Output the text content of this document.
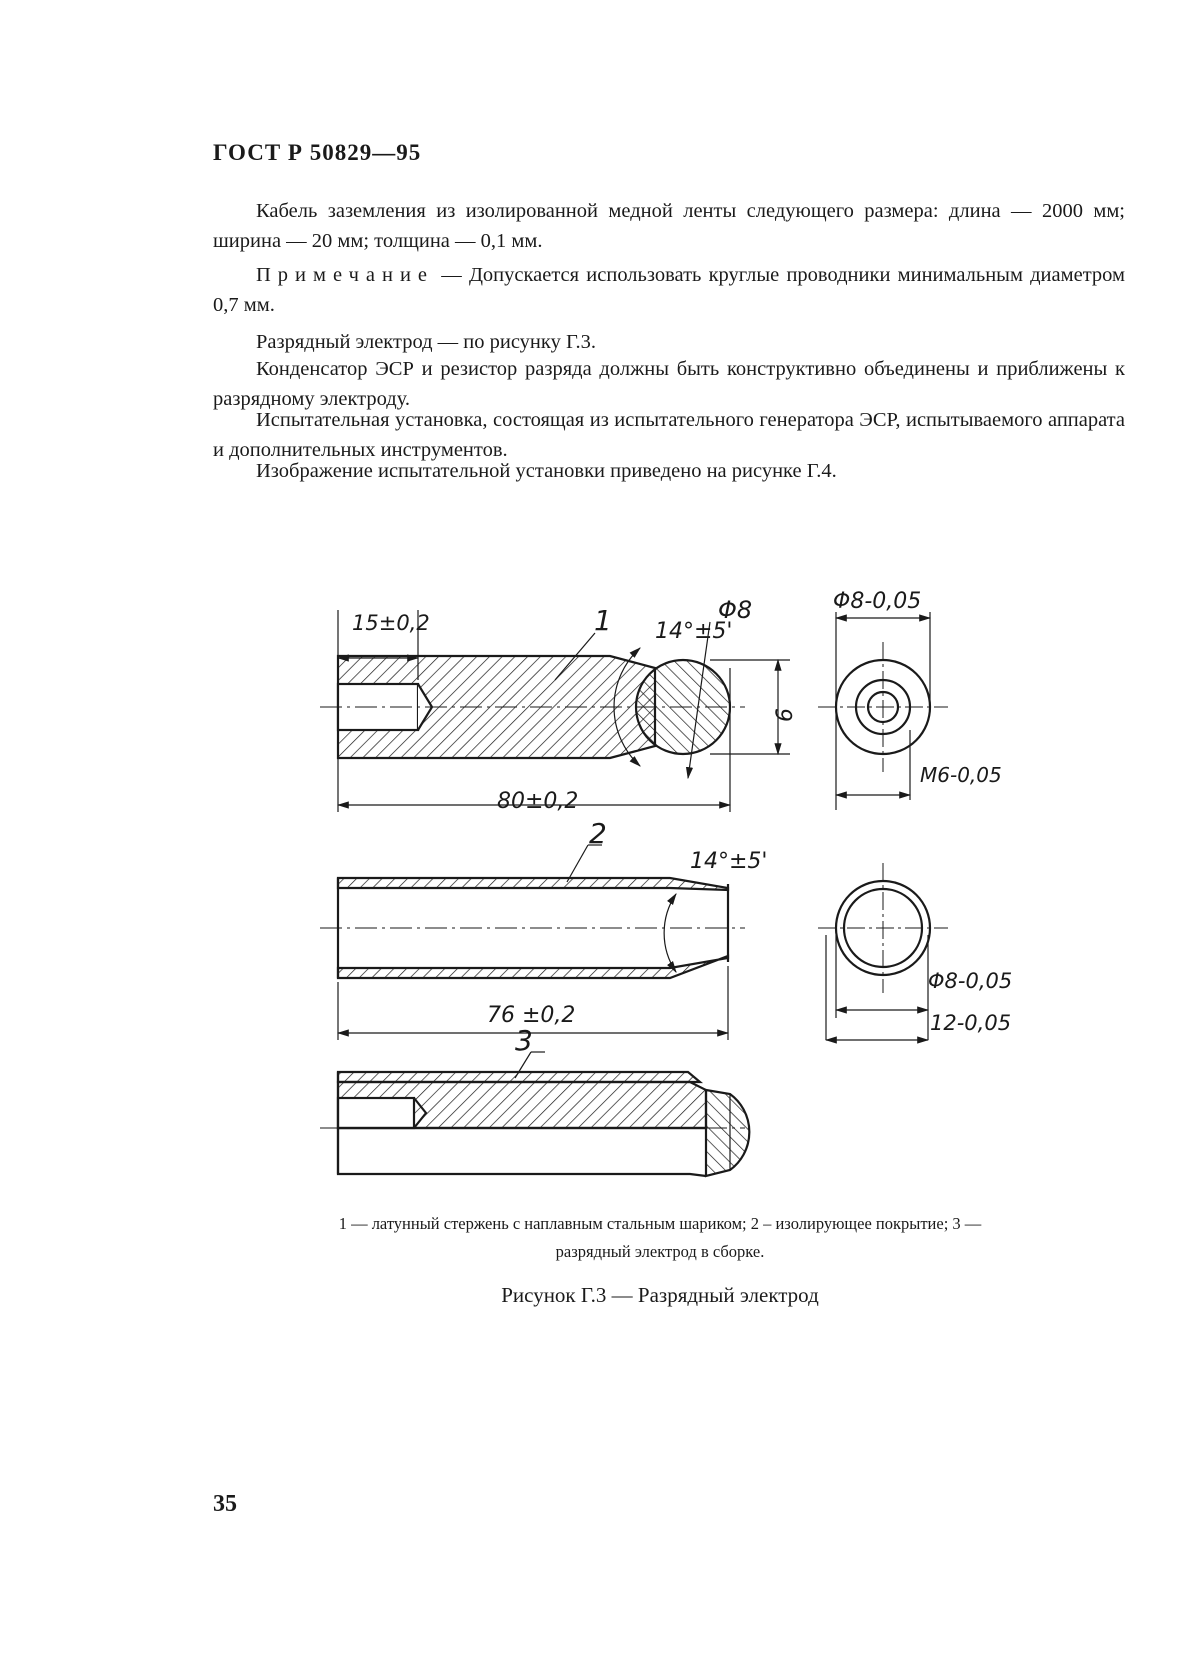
ГОСТ Р 50829—95
Кабель заземления из изолированной медной ленты следующего размера: длина — 2000 мм; ширина — 20 мм; толщина — 0,1 мм.
Примечание — Допускается использовать круглые проводники минимальным диаметром 0,7 мм.
Разрядный электрод — по рисунку Г.3.
Конденсатор ЭСР и резистор разряда должны быть конструктивно объединены и приближены к разрядному электроду.
Испытательная установка, состоящая из испытательного генератора ЭСР, испытываемого аппарата и дополнительных инструментов.
Изображение испытательной установки приведено на рисунке Г.4.
15±0,2
80±0,2
14°±5'
Φ8
6
1
Φ8-0,05
M6-0,05
14°±5'
76 ±0,2
2
Φ8-0,05
12-0,05
3
1 — латунный стержень с наплавным стальным шариком; 2 – изолирующее покрытие; 3 — разрядный электрод в сборке.
Рисунок Г.3 — Разрядный электрод
35
